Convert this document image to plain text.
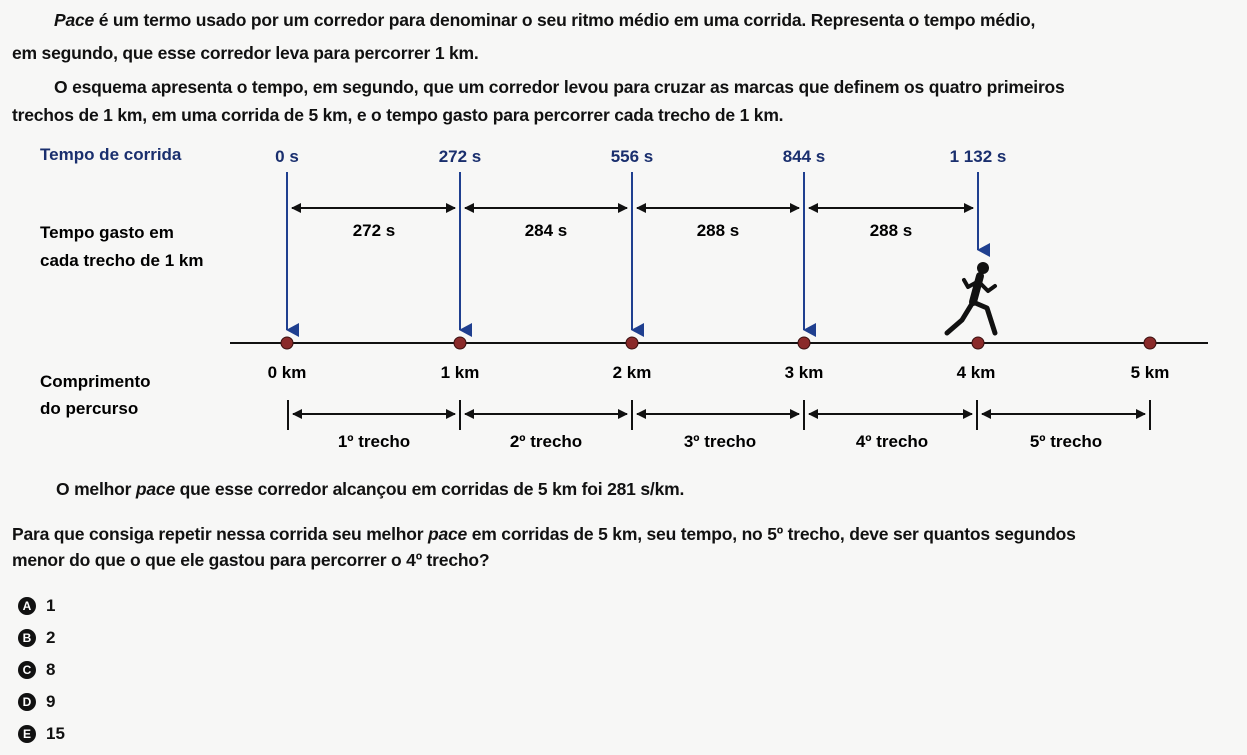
Pace é um termo usado por um corredor para denominar o seu ritmo médio em uma corrida. Representa o tempo médio,
em segundo, que esse corredor leva para percorrer 1 km.
O esquema apresenta o tempo, em segundo, que um corredor levou para cruzar as marcas que definem os quatro primeiros
trechos de 1 km, em uma corrida de 5 km, e o tempo gasto para percorrer cada trecho de 1 km.
Tempo de corrida
Tempo gasto em
cada trecho de 1 km
Comprimento
do percurso
0 s	272 s	556 s	844 s	1 132 s
272 s	284 s	288 s	288 s
0 km	1 km	2 km	3 km	4 km	5 km
1º trecho	2º trecho	3º trecho	4º trecho	5º trecho
O melhor pace que esse corredor alcançou em corridas de 5 km foi 281 s/km.
Para que consiga repetir nessa corrida seu melhor pace em corridas de 5 km, seu tempo, no 5º trecho, deve ser quantos segundos
menor do que o que ele gastou para percorrer o 4º trecho?
A 1
B 2
C 8
D 9
E 15
